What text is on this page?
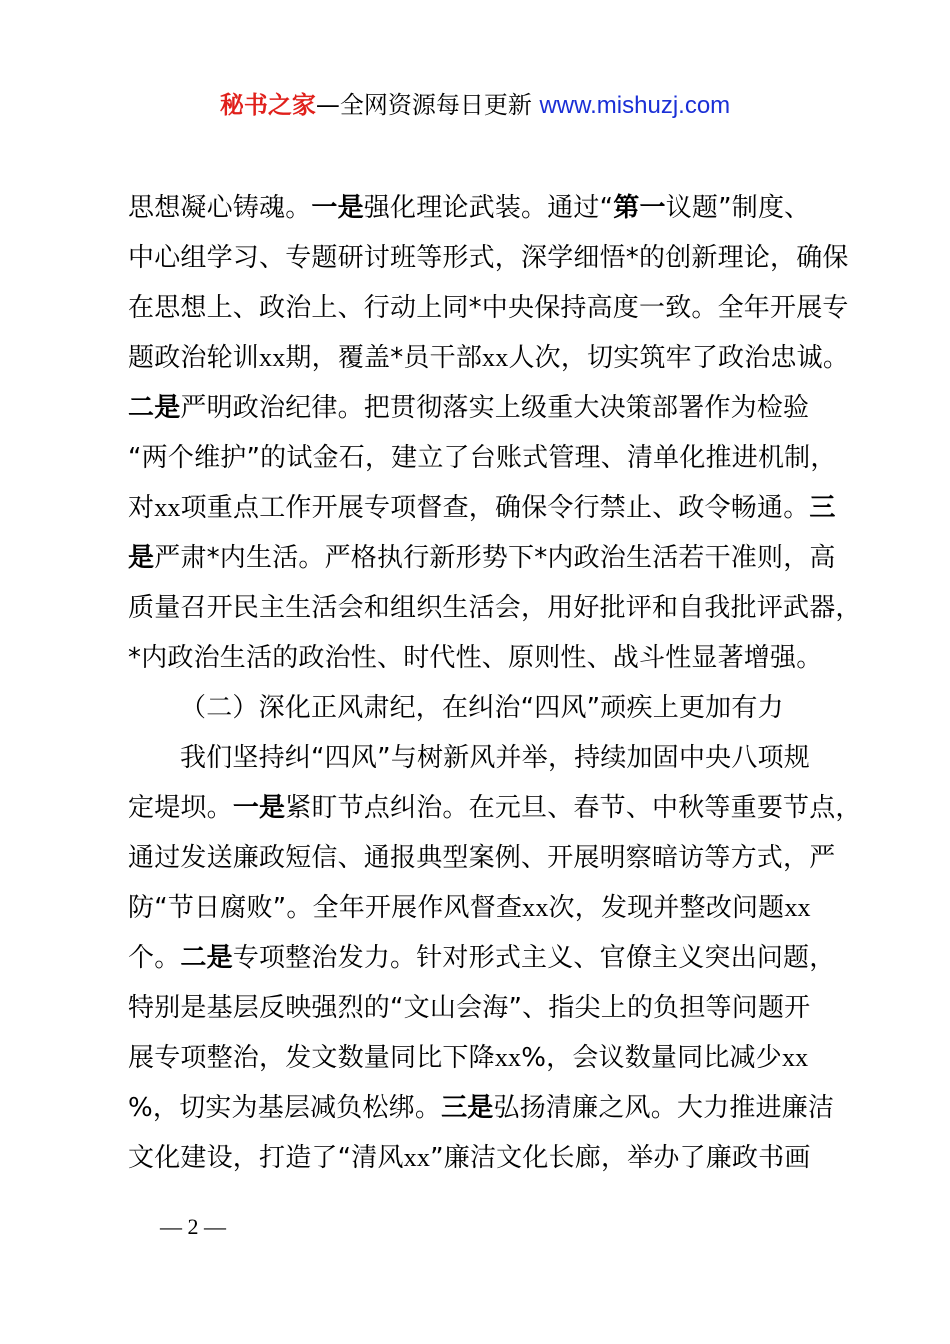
秘书之家—全网资源每日更新 www.mishuzj.com
思想凝心铸魂。一是强化理论武装。通过“第一议题”制度、
中心组学习、专题研讨班等形式，深学细悟*的创新理论，确保
在思想上、政治上、行动上同*中央保持高度一致。全年开展专
题政治轮训xx期，覆盖*员干部xx人次，切实筑牢了政治忠诚。
二是严明政治纪律。把贯彻落实上级重大决策部署作为检验
“两个维护”的试金石，建立了台账式管理、清单化推进机制，
对xx项重点工作开展专项督查，确保令行禁止、政令畅通。三
是严肃*内生活。严格执行新形势下*内政治生活若干准则，高
质量召开民主生活会和组织生活会，用好批评和自我批评武器，
*内政治生活的政治性、时代性、原则性、战斗性显著增强。
（二）深化正风肃纪，在纠治“四风”顽疾上更加有力
我们坚持纠“四风”与树新风并举，持续加固中央八项规
定堤坝。一是紧盯节点纠治。在元旦、春节、中秋等重要节点，
通过发送廉政短信、通报典型案例、开展明察暗访等方式，严
防“节日腐败”。全年开展作风督查xx次，发现并整改问题xx
个。二是专项整治发力。针对形式主义、官僚主义突出问题，
特别是基层反映强烈的“文山会海”、指尖上的负担等问题开
展专项整治，发文数量同比下降xx%，会议数量同比减少xx
%，切实为基层减负松绑。三是弘扬清廉之风。大力推进廉洁
文化建设，打造了“清风xx”廉洁文化长廊，举办了廉政书画
— 2 —
